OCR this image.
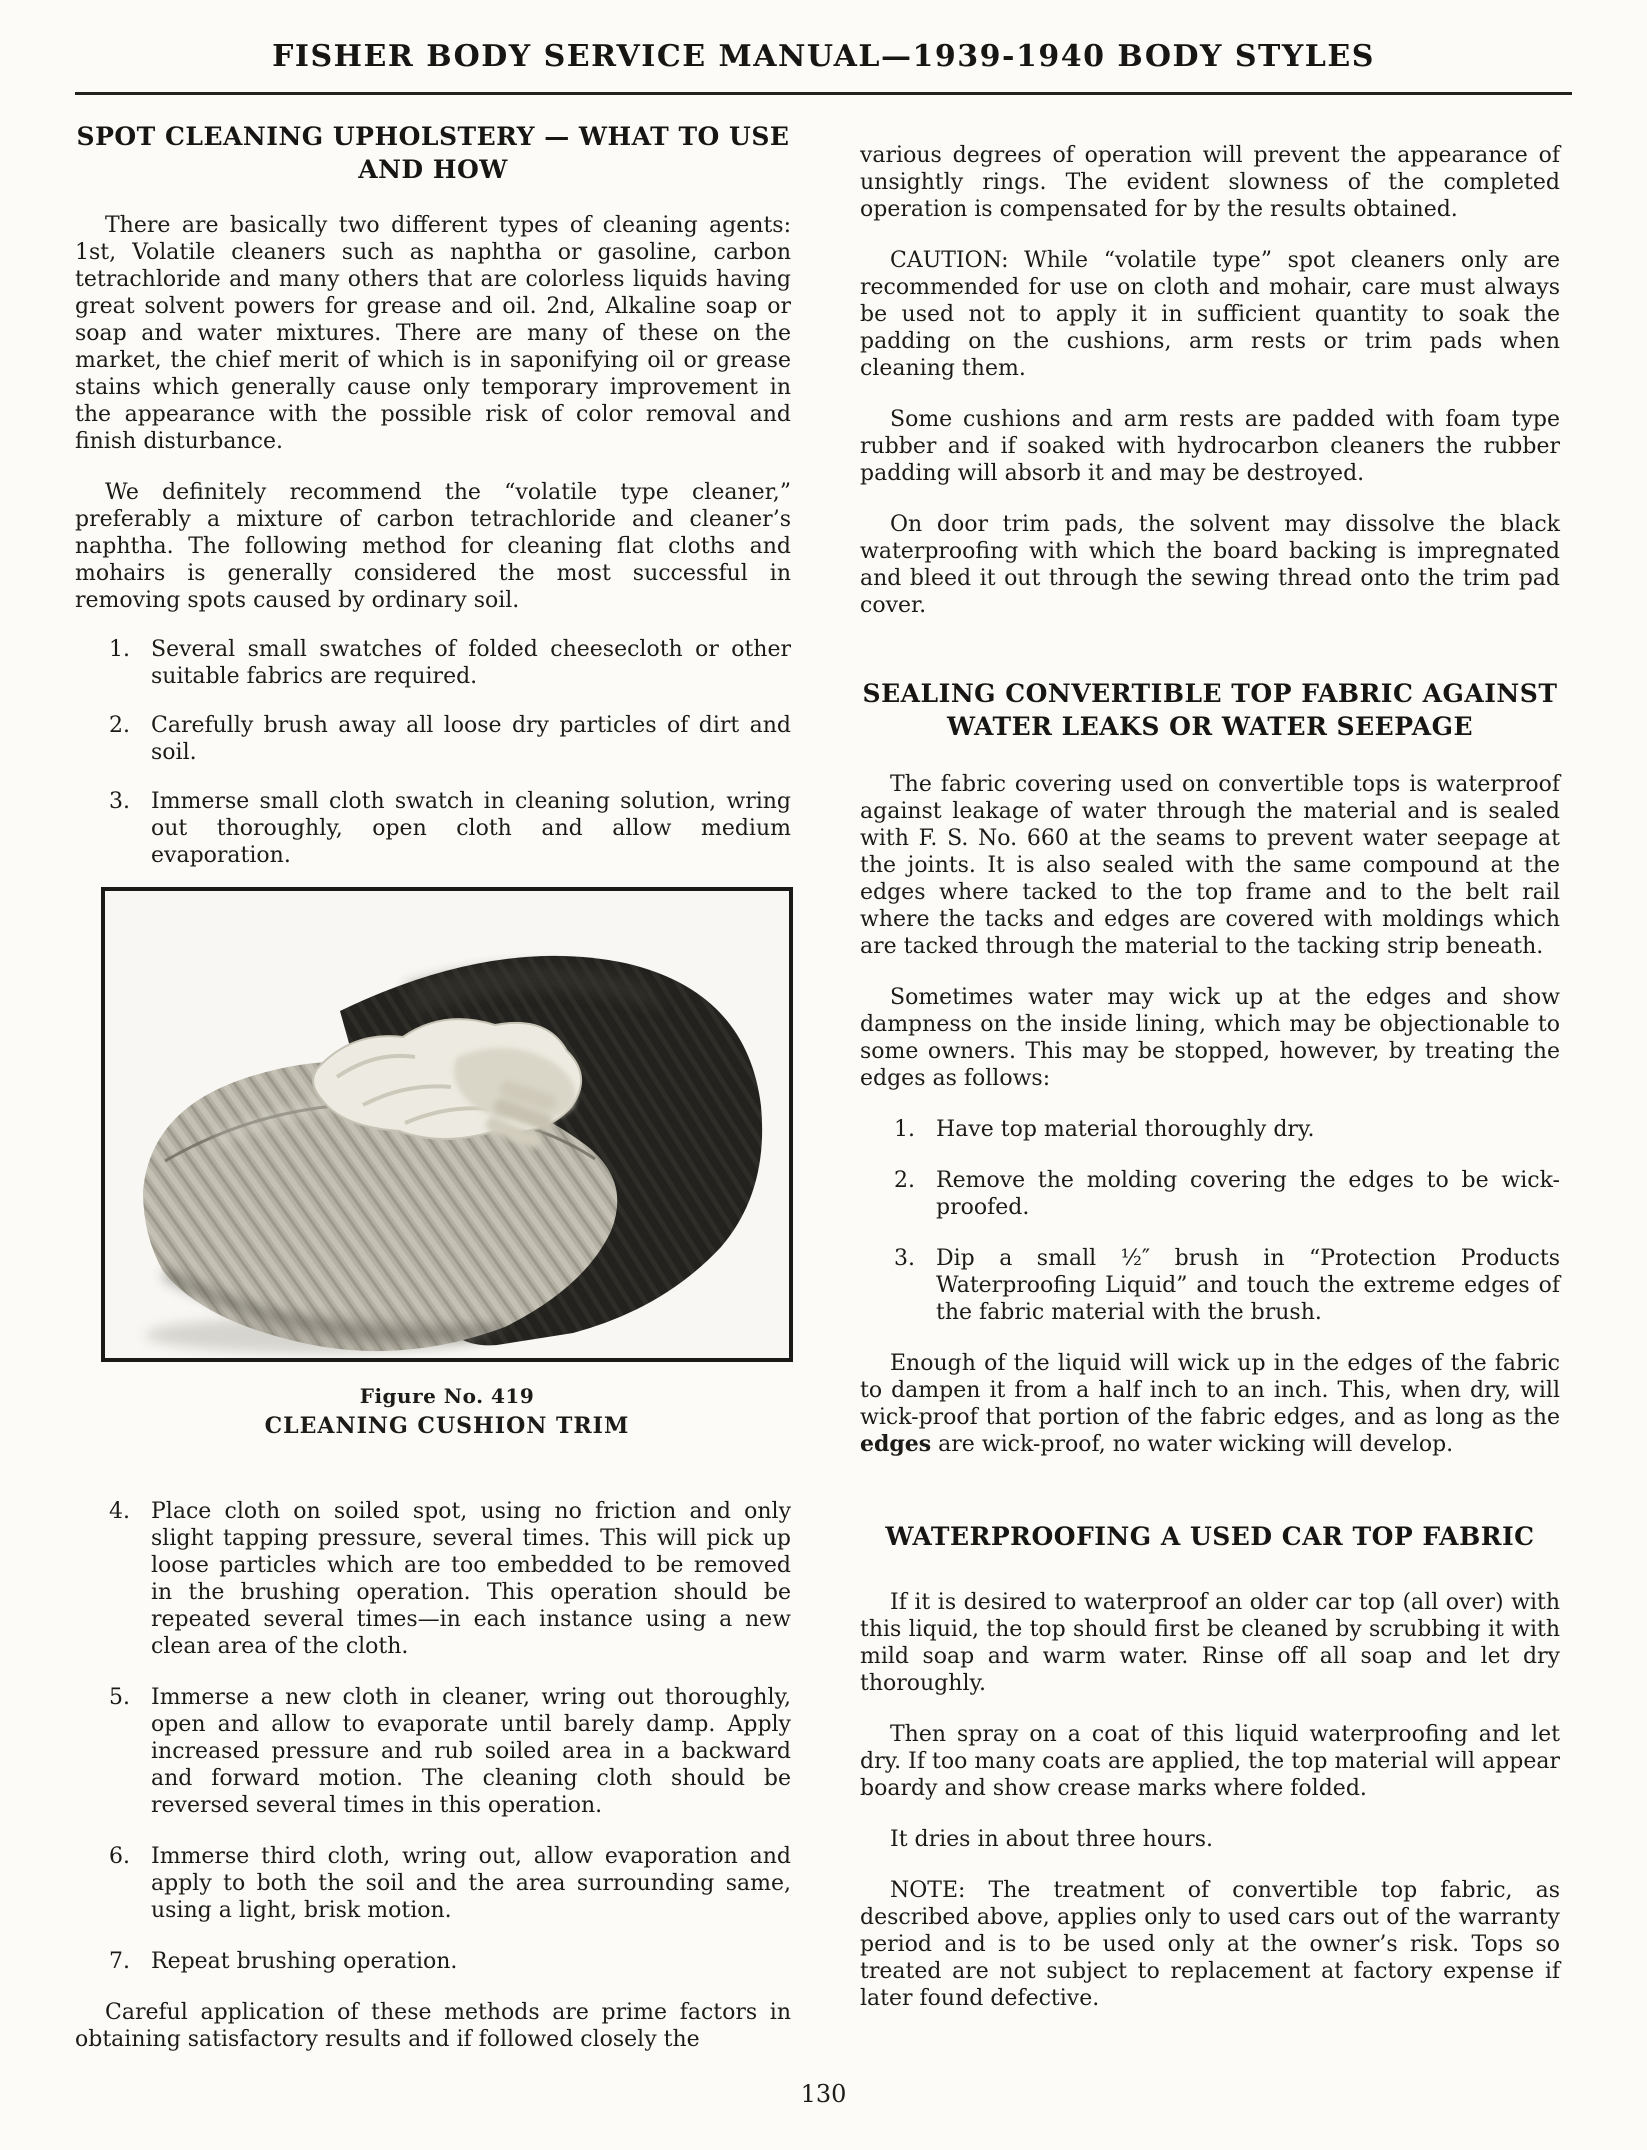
FISHER BODY SERVICE MANUAL—1939-1940 BODY STYLES
SPOT CLEANING UPHOLSTERY — WHAT TO USE
AND HOW

There are basically two different types of cleaning agents: 1st, Volatile cleaners such as naphtha or gasoline, carbon tetrachloride and many others that are colorless liquids having great solvent powers for grease and oil. 2nd, Alkaline soap or soap and water mixtures. There are many of these on the market, the chief merit of which is in saponifying oil or grease stains which generally cause only temporary improvement in the appearance with the possible risk of color removal and finish disturbance.

We definitely recommend the “volatile type cleaner,” preferably a mixture of carbon tetrachloride and cleaner’s naphtha. The following method for cleaning flat cloths and mohairs is generally considered the most successful in removing spots caused by ordinary soil.

1. Several small swatches of folded cheesecloth or other suitable fabrics are required.
2. Carefully brush away all loose dry particles of dirt and soil.
3. Immerse small cloth swatch in cleaning solution, wring out thoroughly, open cloth and allow medium evaporation.
Figure No. 419
CLEANING CUSHION TRIM
4. Place cloth on soiled spot, using no friction and only slight tapping pressure, several times. This will pick up loose particles which are too embedded to be removed in the brushing operation. This operation should be repeated several times—in each instance using a new clean area of the cloth.
5. Immerse a new cloth in cleaner, wring out thoroughly, open and allow to evaporate until barely damp. Apply increased pressure and rub soiled area in a backward and forward motion. The cleaning cloth should be reversed several times in this operation.
6. Immerse third cloth, wring out, allow evaporation and apply to both the soil and the area surrounding same, using a light, brisk motion.
7. Repeat brushing operation.

Careful application of these methods are prime factors in obtaining satisfactory results and if followed closely the

various degrees of operation will prevent the appearance of unsightly rings. The evident slowness of the completed operation is compensated for by the results obtained.

CAUTION: While “volatile type” spot cleaners only are recommended for use on cloth and mohair, care must always be used not to apply it in sufficient quantity to soak the padding on the cushions, arm rests or trim pads when cleaning them.

Some cushions and arm rests are padded with foam type rubber and if soaked with hydrocarbon cleaners the rubber padding will absorb it and may be destroyed.

On door trim pads, the solvent may dissolve the black waterproofing with which the board backing is impregnated and bleed it out through the sewing thread onto the trim pad cover.

SEALING CONVERTIBLE TOP FABRIC AGAINST
WATER LEAKS OR WATER SEEPAGE

The fabric covering used on convertible tops is waterproof against leakage of water through the material and is sealed with F. S. No. 660 at the seams to prevent water seepage at the joints. It is also sealed with the same compound at the edges where tacked to the top frame and to the belt rail where the tacks and edges are covered with moldings which are tacked through the material to the tacking strip beneath.

Sometimes water may wick up at the edges and show dampness on the inside lining, which may be objectionable to some owners. This may be stopped, however, by treating the edges as follows:

1. Have top material thoroughly dry.
2. Remove the molding covering the edges to be wick-proofed.
3. Dip a small ½″ brush in “Protection Products Waterproofing Liquid” and touch the extreme edges of the fabric material with the brush.

Enough of the liquid will wick up in the edges of the fabric to dampen it from a half inch to an inch. This, when dry, will wick-proof that portion of the fabric edges, and as long as the edges are wick-proof, no water wicking will develop.

WATERPROOFING A USED CAR TOP FABRIC

If it is desired to waterproof an older car top (all over) with this liquid, the top should first be cleaned by scrubbing it with mild soap and warm water. Rinse off all soap and let dry thoroughly.

Then spray on a coat of this liquid waterproofing and let dry. If too many coats are applied, the top material will appear boardy and show crease marks where folded.

It dries in about three hours.

NOTE: The treatment of convertible top fabric, as described above, applies only to used cars out of the warranty period and is to be used only at the owner’s risk. Tops so treated are not subject to replacement at factory expense if later found defective.

130
